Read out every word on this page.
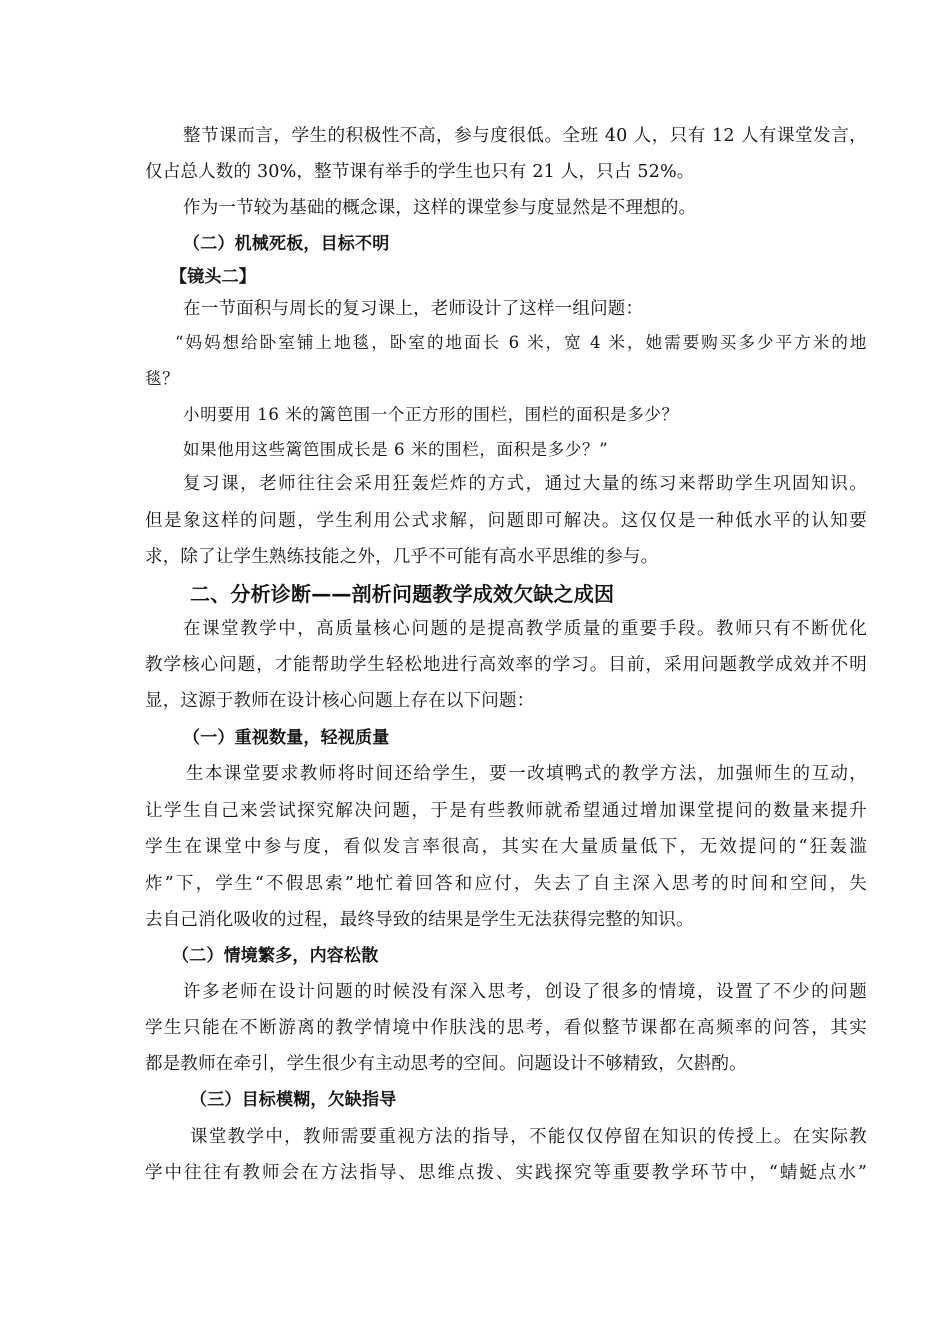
整节课而言，学生的积极性不高，参与度很低。全班 40 人，只有 12 人有课堂发言，
仅占总人数的 30%，整节课有举手的学生也只有 21 人，只占 52%。
作为一节较为基础的概念课，这样的课堂参与度显然是不理想的。
（二）机械死板，目标不明
【镜头二】
在一节面积与周长的复习课上，老师设计了这样一组问题：
“妈妈想给卧室铺上地毯，卧室的地面长 6 米，宽 4 米，她需要购买多少平方米的地
毯？
小明要用 16 米的篱笆围一个正方形的围栏，围栏的面积是多少？
如果他用这些篱笆围成长是 6 米的围栏，面积是多少？”
复习课，老师往往会采用狂轰烂炸的方式，通过大量的练习来帮助学生巩固知识。
但是象这样的问题，学生利用公式求解，问题即可解决。这仅仅是一种低水平的认知要
求，除了让学生熟练技能之外，几乎不可能有高水平思维的参与。
二、分析诊断——剖析问题教学成效欠缺之成因
在课堂教学中，高质量核心问题的是提高教学质量的重要手段。教师只有不断优化
教学核心问题，才能帮助学生轻松地进行高效率的学习。目前，采用问题教学成效并不明
显，这源于教师在设计核心问题上存在以下问题：
（一）重视数量，轻视质量
生本课堂要求教师将时间还给学生，要一改填鸭式的教学方法，加强师生的互动，
让学生自己来尝试探究解决问题，于是有些教师就希望通过增加课堂提问的数量来提升
学生在课堂中参与度，看似发言率很高，其实在大量质量低下，无效提问的“狂轰滥
炸”下，学生“不假思索”地忙着回答和应付，失去了自主深入思考的时间和空间，失
去自己消化吸收的过程，最终导致的结果是学生无法获得完整的知识。
（二）情境繁多，内容松散
许多老师在设计问题的时候没有深入思考，创设了很多的情境，设置了不少的问题
学生只能在不断游离的教学情境中作肤浅的思考，看似整节课都在高频率的问答，其实
都是教师在牵引，学生很少有主动思考的空间。问题设计不够精致，欠斟酌。
（三）目标模糊，欠缺指导
课堂教学中，教师需要重视方法的指导，不能仅仅停留在知识的传授上。在实际教
学中往往有教师会在方法指导、思维点拨、实践探究等重要教学环节中，“蜻蜓点水”
